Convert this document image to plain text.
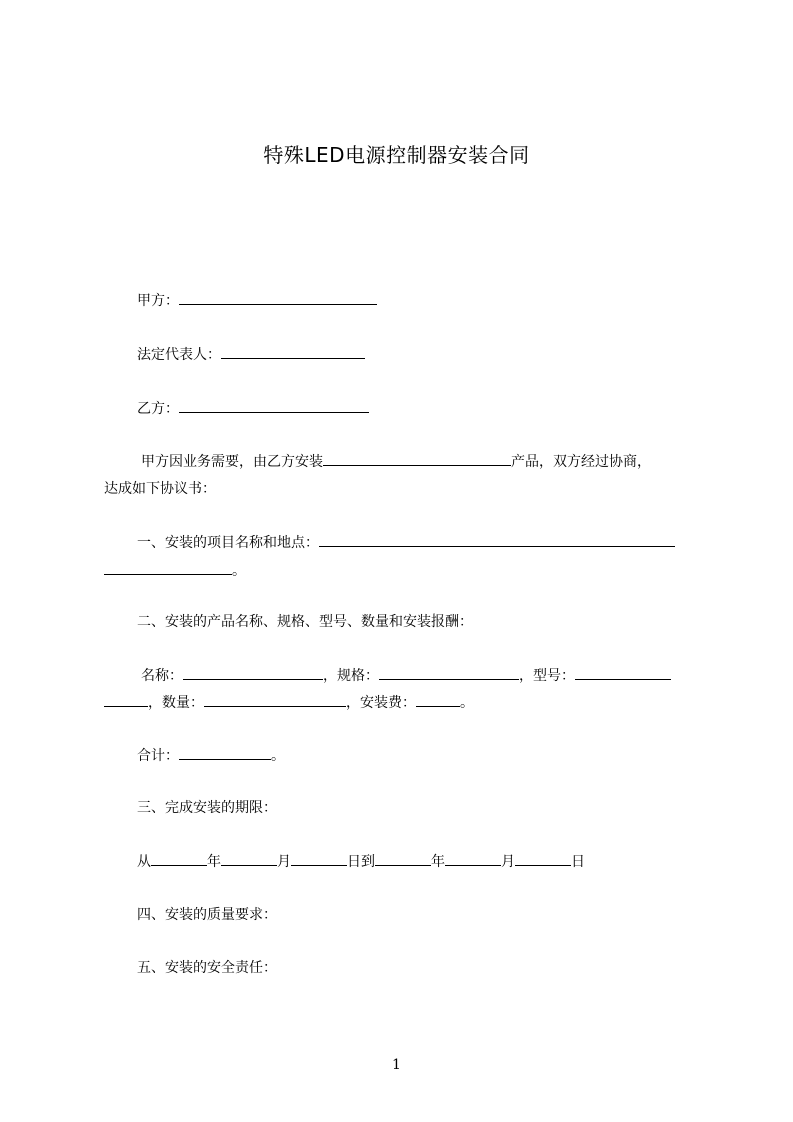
特殊LED电源控制器安装合同
甲方：
法定代表人：
乙方：
甲方因业务需要，由乙方安装	产品，双方经过协商，
达成如下协议书：
一、安装的项目名称和地点：
。
二、安装的产品名称、规格、型号、数量和安装报酬：
名称：	，规格：	，型号：
，数量：	，安装费：	。
合计：	。
三、完成安装的期限：
从	年	月	日到	年	月	日
四、安装的质量要求：
五、安装的安全责任：
1
